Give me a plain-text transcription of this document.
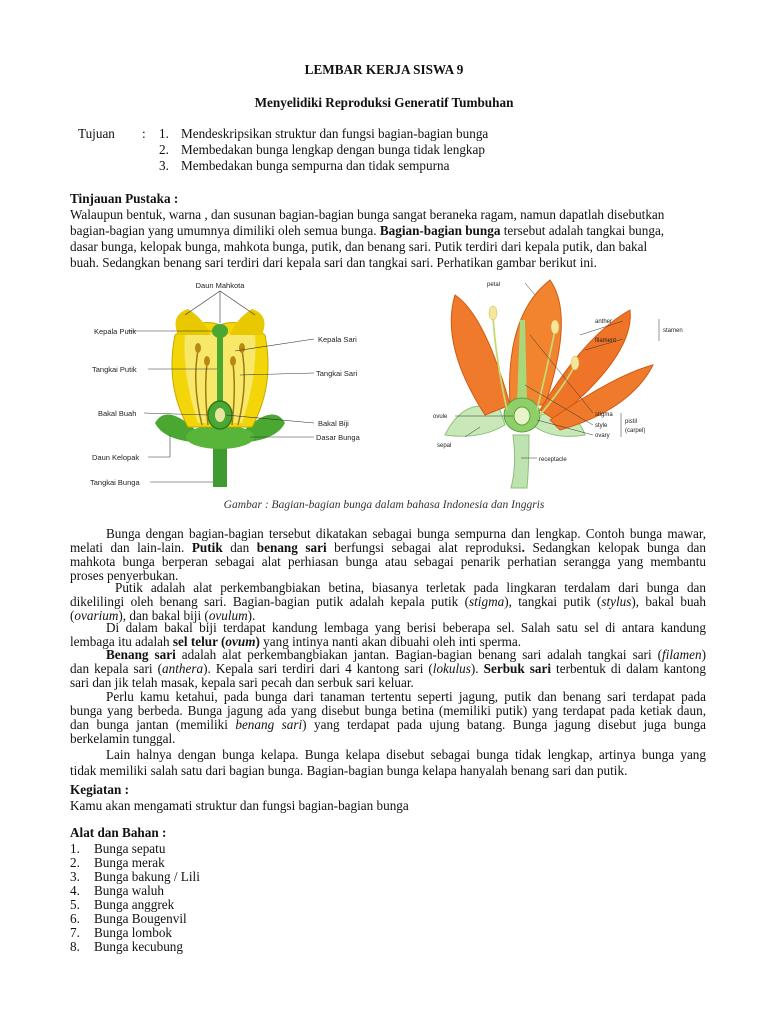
LEMBAR KERJA SISWA 9
Menyelidiki Reproduksi Generatif Tumbuhan
Tujuan : 1. Mendeskripsikan struktur dan fungsi bagian-bagian bunga
2. Membedakan bunga lengkap dengan bunga tidak lengkap
3. Membedakan bunga sempurna dan tidak sempurna
Tinjauan Pustaka :
Walaupun bentuk, warna , dan susunan bagian-bagian bunga sangat beraneka ragam, namun dapatlah disebutkan
bagian-bagian yang umumnya dimiliki oleh semua bunga. Bagian-bagian bunga tersebut adalah tangkai bunga,
dasar bunga, kelopak bunga, mahkota bunga, putik, dan benang sari. Putik terdiri dari kepala putik, dan bakal
buah. Sedangkan benang sari terdiri dari kepala sari dan tangkai sari. Perhatikan gambar berikut ini.
Daun Mahkota
Kepala Putik
Tangkai Putik
Bakal Buah
Daun Kelopak
Tangkai Bunga
Kepala Sari
Tangkai Sari
Bakal Biji
Dasar Bunga
petal
anther
filament
stamen
ovule	stigma
style
ovary
pistil
(carpel)
sepal
receptacle
Gambar : Bagian-bagian bunga dalam bahasa Indonesia dan Inggris
Bunga dengan bagian-bagian tersebut dikatakan sebagai bunga sempurna dan lengkap. Contoh bunga mawar,
melati dan lain-lain. Putik dan benang sari berfungsi sebagai alat reproduksi. Sedangkan kelopak bunga dan
mahkota bunga berperan sebagai alat perhiasan bunga atau sebagai penarik perhatian serangga yang membantu
proses penyerbukan.
Putik adalah alat perkembangbiakan betina, biasanya terletak pada lingkaran terdalam dari bunga dan
dikelilingi oleh benang sari. Bagian-bagian putik adalah kepala putik (stigma), tangkai putik (stylus), bakal buah
(ovarium), dan bakal biji (ovulum).
Di dalam bakal biji terdapat kandung lembaga yang berisi beberapa sel. Salah satu sel di antara kandung
lembaga itu adalah sel telur (ovum) yang intinya nanti akan dibuahi oleh inti sperma.
Benang sari adalah alat perkembangbiakan jantan. Bagian-bagian benang sari adalah tangkai sari (filamen)
dan kepala sari (anthera). Kepala sari terdiri dari 4 kantong sari (lokulus). Serbuk sari terbentuk di dalam kantong
sari dan jik telah masak, kepala sari pecah dan serbuk sari keluar.
Perlu kamu ketahui, pada bunga dari tanaman tertentu seperti jagung, putik dan benang sari terdapat pada
bunga yang berbeda. Bunga jagung ada yang disebut bunga betina (memiliki putik) yang terdapat pada ketiak daun,
dan bunga jantan (memiliki benang sari) yang terdapat pada ujung batang. Bunga jagung disebut juga bunga
berkelamin tunggal.
Lain halnya dengan bunga kelapa. Bunga kelapa disebut sebagai bunga tidak lengkap, artinya bunga yang
tidak memiliki salah satu dari bagian bunga. Bagian-bagian bunga kelapa hanyalah benang sari dan putik.
Kegiatan :
Kamu akan mengamati struktur dan fungsi bagian-bagian bunga
Alat dan Bahan :
1. Bunga sepatu
2. Bunga merak
3. Bunga bakung / Lili
4. Bunga waluh
5. Bunga anggrek
6. Bunga Bougenvil
7. Bunga lombok
8. Bunga kecubung
